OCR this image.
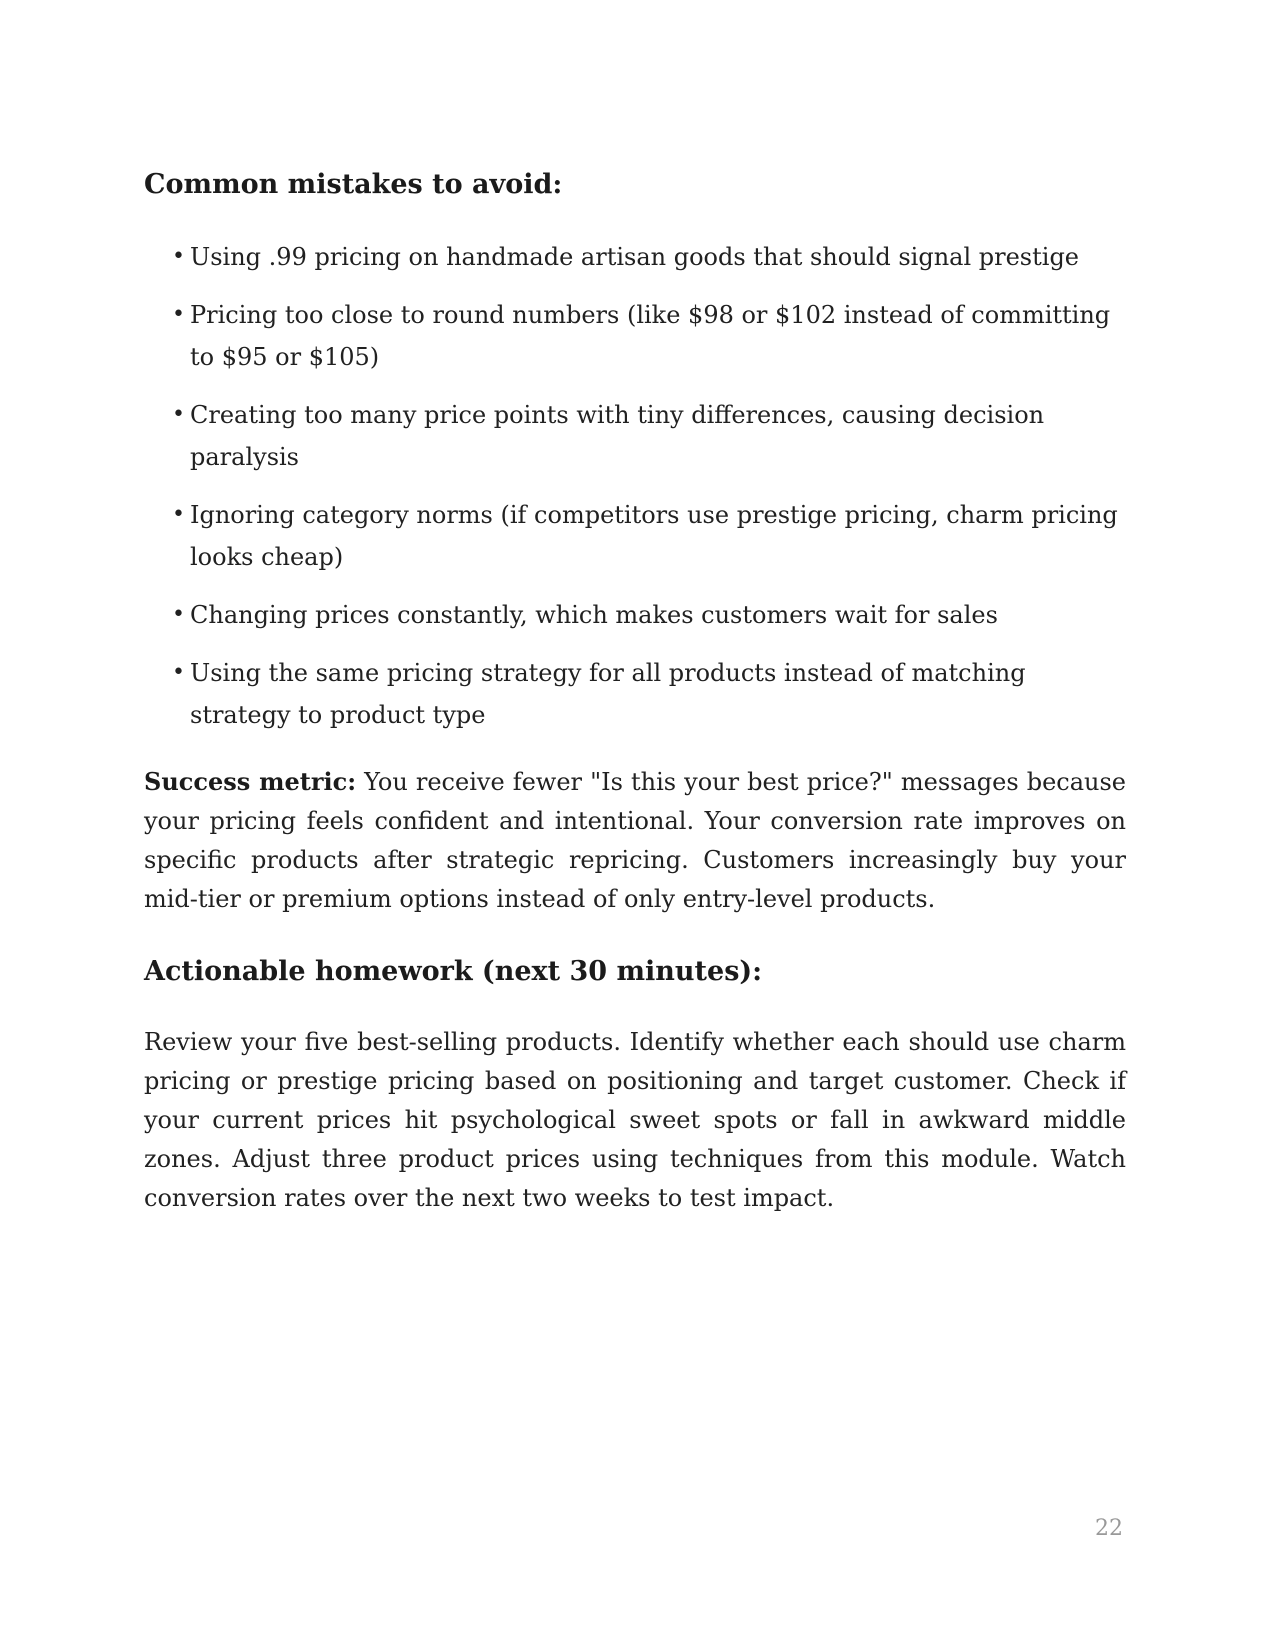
Common mistakes to avoid:
• Using .99 pricing on handmade artisan goods that should signal prestige
• Pricing too close to round numbers (like $98 or $102 instead of committing to $95 or $105)
• Creating too many price points with tiny differences, causing decision paralysis
• Ignoring category norms (if competitors use prestige pricing, charm pricing looks cheap)
• Changing prices constantly, which makes customers wait for sales
• Using the same pricing strategy for all products instead of matching strategy to product type

Success metric: You receive fewer "Is this your best price?" messages because your pricing feels confident and intentional. Your conversion rate improves on specific products after strategic repricing. Customers increasingly buy your mid-tier or premium options instead of only entry-level products.

Actionable homework (next 30 minutes):

Review your five best-selling products. Identify whether each should use charm pricing or prestige pricing based on positioning and target customer. Check if your current prices hit psychological sweet spots or fall in awkward middle zones. Adjust three product prices using techniques from this module. Watch conversion rates over the next two weeks to test impact.

22
